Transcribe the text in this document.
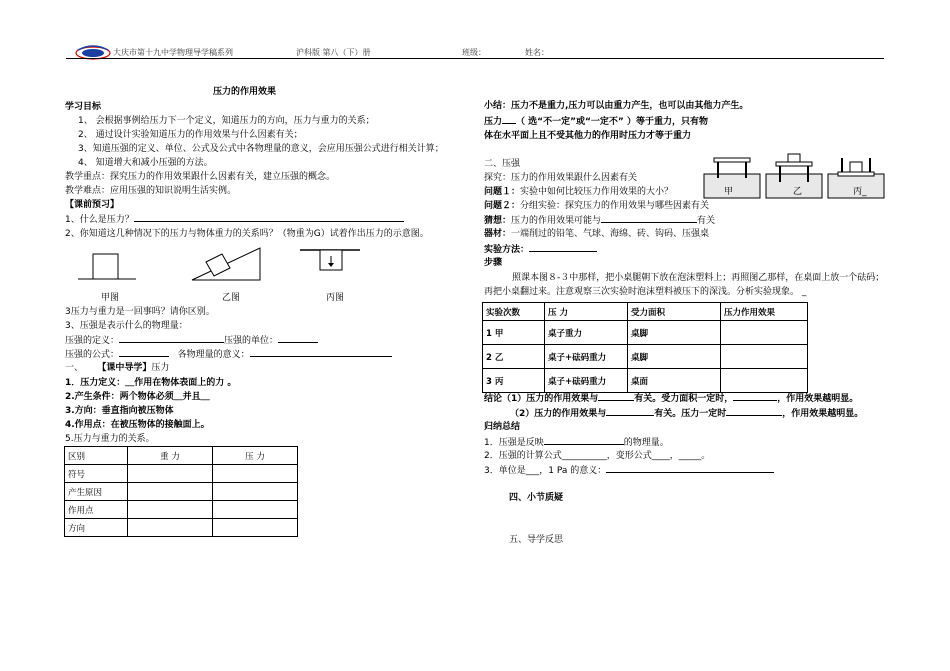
大庆市第十九中学物理导学稿系列	沪科版 第八（下）册	班级：	姓名：
压力的作用效果
学习目标
1、 会根据事例给压力下一个定义，知道压力的方向，压力与重力的关系；
2、 通过设计实验知道压力的作用效果与什么因素有关；
3、知道压强的定义、单位、公式及公式中各物理量的意义，会应用压强公式进行相关计算；
4、 知道增大和减小压强的方法。
教学重点：探究压力的作用效果跟什么因素有关，建立压强的概念。
教学难点：应用压强的知识说明生活实例。
【课前预习】
1、什么是压力？
2、你知道这几种情况下的压力与物体重力的关系吗？（物重为G）试着作出压力的示意图。
甲图	乙图	丙图
3压力与重力是一回事吗？请你区别。
3、压强是表示什么的物理量：
压强的定义：	压强的单位：
压强的公式：	各物理量的意义：
一、 【课中导学】压力
1．压力定义：＿作用在物体表面上的力 。
2.产生条件：两个物体必须＿并且＿
3.方向：垂直指向被压物体
4.作用点：在被压物体的接触面上。
5.压力与重力的关系。
区别	重 力	压 力
符号		
产生原因		
作用点		
方向		
小结：压力不是重力,压力可以由重力产生，也可以由其他力产生。
压力 （ 选“不一定”或“一定不” ）等于重力，只有物
体在水平面上且不受其他力的作用时压力才等于重力
二、压强
探究：压力的作用效果跟什么因素有关
问题１：实验中如何比较压力作用效果的大小？
问题２：分组实验：探究压力的作用效果与哪些因素有关
猜想：压力的作用效果可能与	有关
器材：一端削过的铅笔、气球、海绵、砖、钩码、压强桌
实验方法：
步骤
甲	乙	丙_
照课本图８-３中那样，把小桌腿朝下放在泡沫塑料上；再照图乙那样，在桌面上放一个砝码；
再把小桌翻过来。注意观察三次实验时泡沫塑料被压下的深浅。分析实验现象。 _
实验次数	压 力	受力面积	压力作用效果
1 甲	桌子重力	桌脚	
2 乙	桌子+砝码重力	桌脚	
3 丙	桌子+砝码重力	桌面	
结论（1）压力的作用效果与	有关。受力面积一定时，	，作用效果越明显。
（2）压力的作用效果与	有关。压力一定时	，作用效果越明显。
归纳总结
1．压强是反映	的物理量。
2．压强的计算公式__________，变形公式____，_____。
3．单位是___，1 Pa 的意义：
四、小节质疑
五、导学反思
